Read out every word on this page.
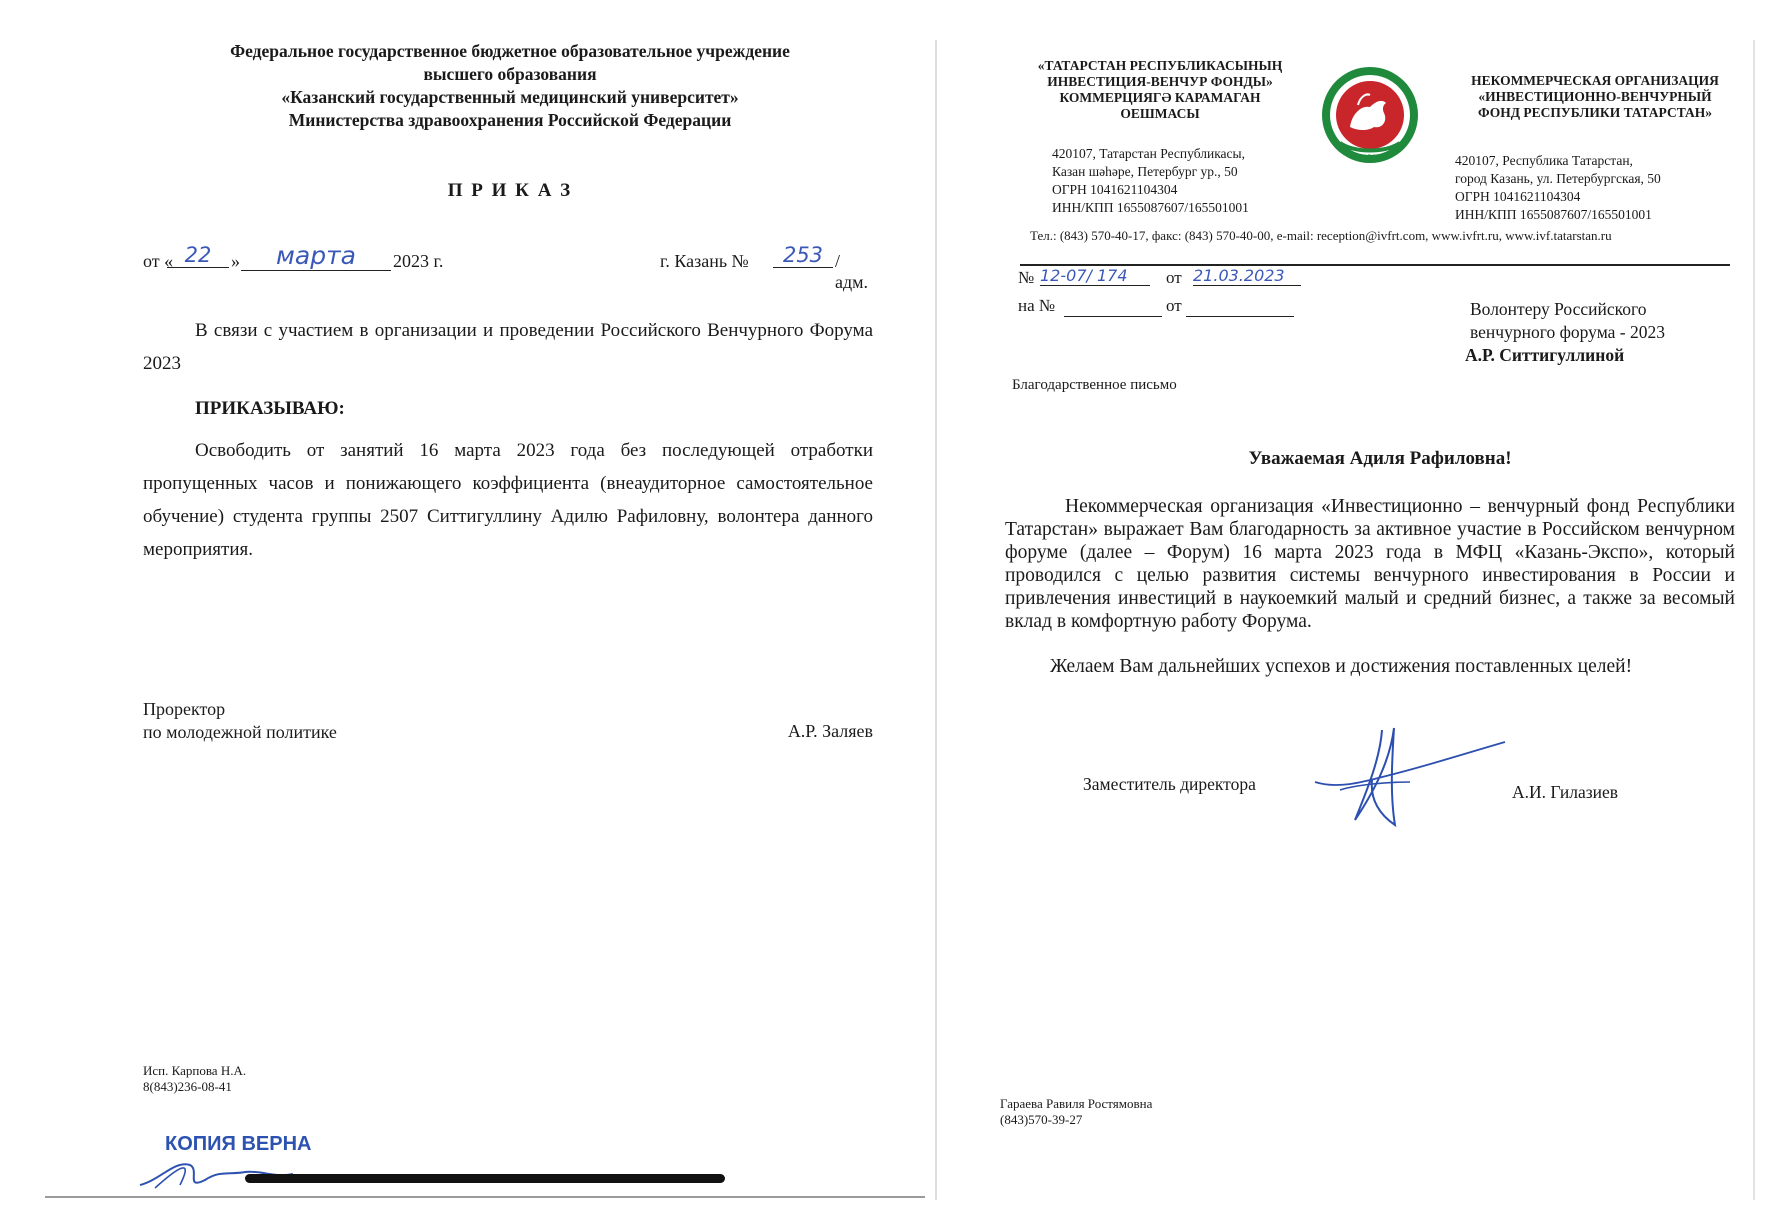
Федеральное государственное бюджетное образовательное учреждение
высшего образования
«Казанский государственный медицинский университет»
Министерства здравоохранения Российской Федерации
П Р И К А З
от « 22	»	марта	2023 г.	г. Казань №	253 /адм.
В связи с участием в организации и проведении Российского Венчурного Форума 2023
ПРИКАЗЫВАЮ:
Освободить от занятий 16 марта 2023 года без последующей отработки пропущенных часов и понижающего коэффициента (внеаудиторное самостоятельное обучение) студента группы 2507 Ситтигуллину Адилю Рафиловну, волонтера данного мероприятия.
Проректор
по молодежной политике	А.Р. Заляев
Исп. Карпова Н.А.
8(843)236-08-41
КОПИЯ ВЕРНА
«ТАТАРСТАН РЕСПУБЛИКАСЫНЫҢ
ИНВЕСТИЦИЯ-ВЕНЧУР ФОНДЫ»
КОММЕРЦИЯГӘ КАРАМАГАН
ОЕШМАСЫ
420107, Татарстан Республикасы,
Казан шәһәре, Петербург ур., 50
ОГРН 1041621104304
ИНН/КПП 1655087607/165501001
ТАТАРСТАН
НЕКОММЕРЧЕСКАЯ ОРГАНИЗАЦИЯ
«ИНВЕСТИЦИОННО-ВЕНЧУРНЫЙ
ФОНД РЕСПУБЛИКИ ТАТАРСТАН»
420107, Республика Татарстан,
город Казань, ул. Петербургская, 50
ОГРН 1041621104304
ИНН/КПП 1655087607/165501001
Тел.: (843) 570-40-17, факс: (843) 570-40-00, e-mail: reception@ivfrt.com, www.ivfrt.ru, www.ivf.tatarstan.ru
№ 12-07/ 174	от 21.03.2023
на №	от	Волонтеру Российского
венчурного форума - 2023
А.Р. Ситтигуллиной
Благодарственное письмо
Уважаемая Адиля Рафиловна!
Некоммерческая организация «Инвестиционно – венчурный фонд Республики Татарстан» выражает Вам благодарность за активное участие в Российском венчурном форуме (далее – Форум) 16 марта 2023 года в МФЦ «Казань-Экспо», который проводился с целью развития системы венчурного инвестирования в России и привлечения инвестиций в наукоемкий малый и средний бизнес, а также за весомый вклад в комфортную работу Форума.
Желаем Вам дальнейших успехов и достижения поставленных целей!
Заместитель директора	А.И. Гилазиев
Гараева Равиля Ростямовна
(843)570-39-27
